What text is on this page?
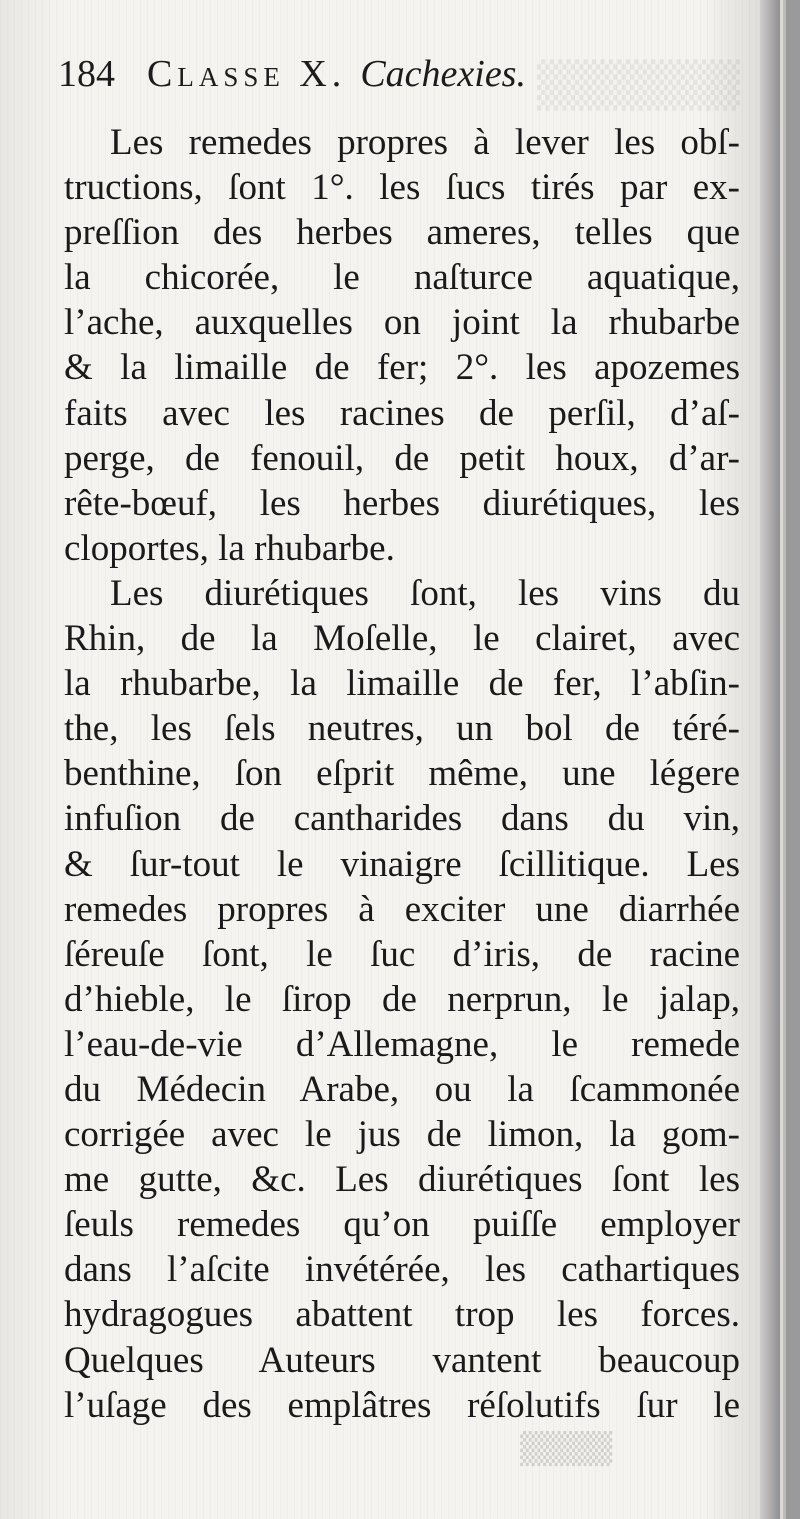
▒▒▒▒▒▒
▒▒▒▒
184 Classe X. Cachexies.
Les remedes propres à lever les obſ-
tructions, ſont 1°. les ſucs tirés par ex-
preſſion des herbes ameres, telles que
la chicorée, le naſturce aquatique,
l’ache, auxquelles on joint la rhubarbe
& la limaille de fer; 2°. les apozemes
faits avec les racines de perſil, d’aſ-
perge, de fenouil, de petit houx, d’ar-
rête-bœuf, les herbes diurétiques, les
cloportes, la rhubarbe.
Les diurétiques ſont, les vins du
Rhin, de la Moſelle, le clairet, avec
la rhubarbe, la limaille de fer, l’abſin-
the, les ſels neutres, un bol de téré-
benthine, ſon eſprit même, une légere
infuſion de cantharides dans du vin,
& ſur-tout le vinaigre ſcillitique. Les
remedes propres à exciter une diarrhée
ſéreuſe ſont, le ſuc d’iris, de racine
d’hieble, le ſirop de nerprun, le jalap,
l’eau-de-vie d’Allemagne, le remede
du Médecin Arabe, ou la ſcammonée
corrigée avec le jus de limon, la gom-
me gutte, &c. Les diurétiques ſont les
ſeuls remedes qu’on puiſſe employer
dans l’aſcite invétérée, les cathartiques
hydragogues abattent trop les forces.
Quelques Auteurs vantent beaucoup
l’uſage des emplâtres réſolutifs ſur le
